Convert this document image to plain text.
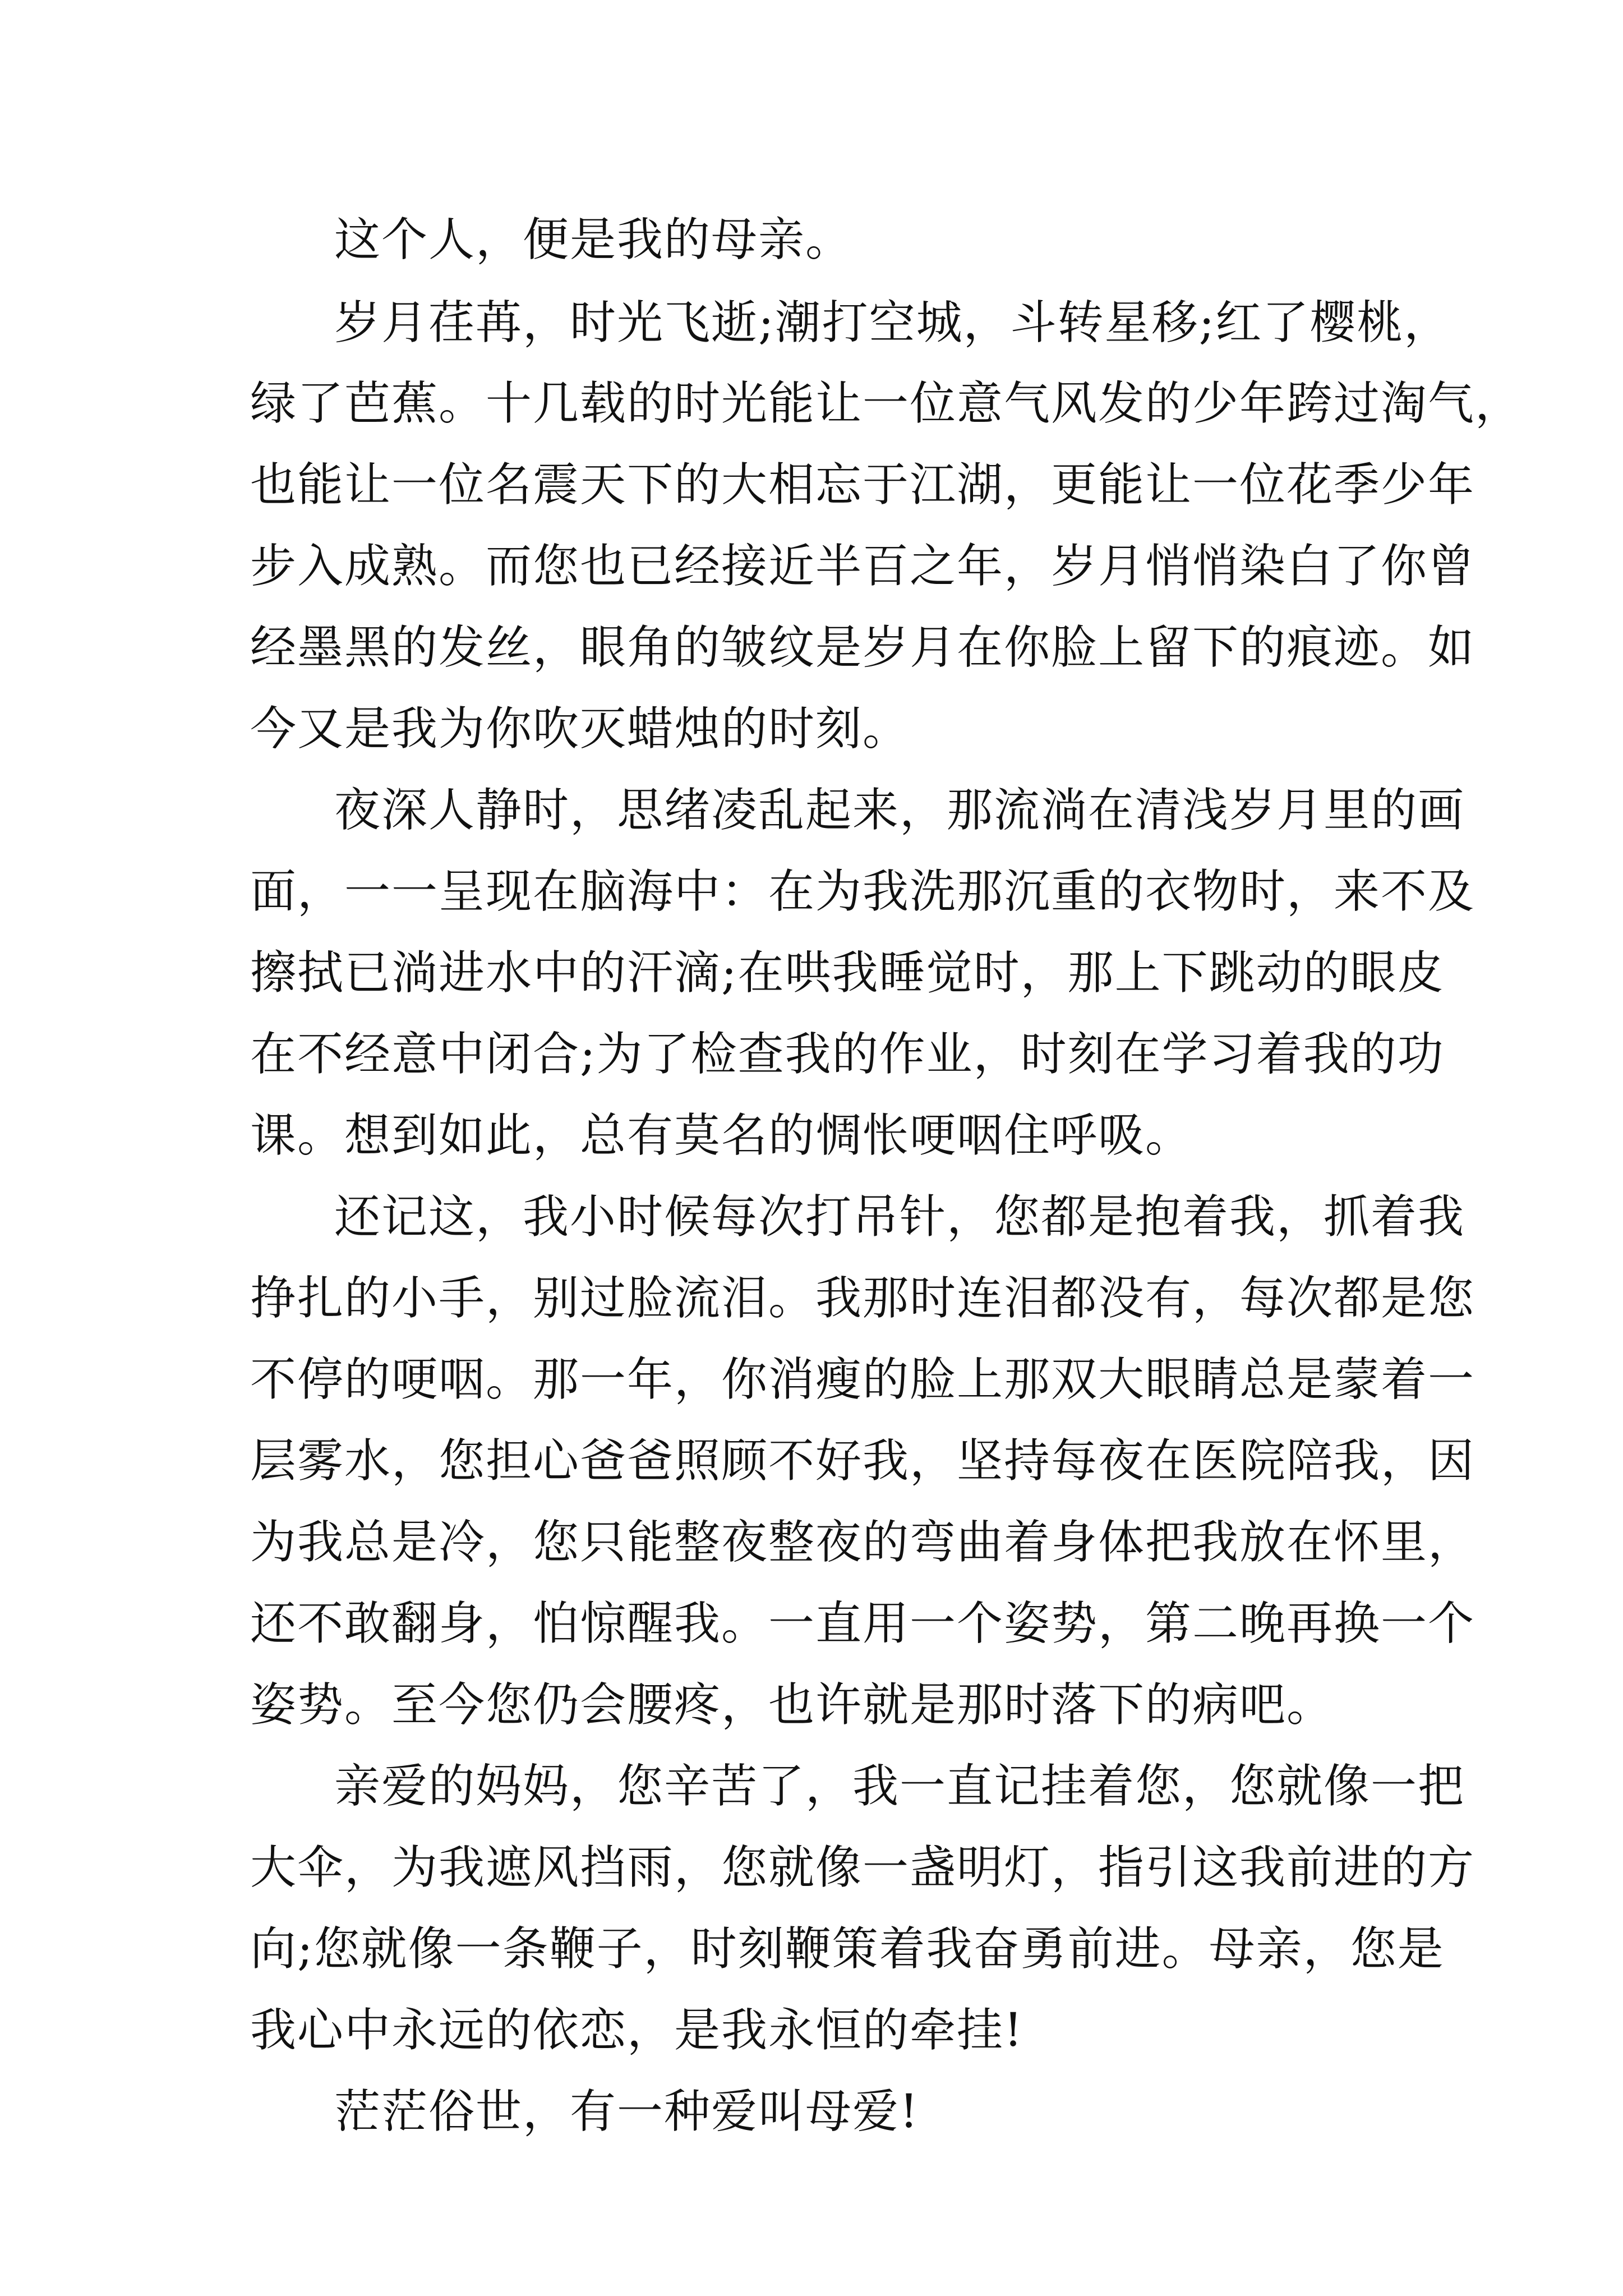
这个人，便是我的母亲。
岁月荏苒，时光飞逝;潮打空城，斗转星移;红了樱桃，
绿了芭蕉。十几载的时光能让一位意气风发的少年跨过淘气，
也能让一位名震天下的大相忘于江湖，更能让一位花季少年
步入成熟。而您也已经接近半百之年，岁月悄悄染白了你曾
经墨黑的发丝，眼角的皱纹是岁月在你脸上留下的痕迹。如
今又是我为你吹灭蜡烛的时刻。
夜深人静时，思绪凌乱起来，那流淌在清浅岁月里的画
面，一一呈现在脑海中：在为我洗那沉重的衣物时，来不及
擦拭已淌进水中的汗滴;在哄我睡觉时，那上下跳动的眼皮
在不经意中闭合;为了检查我的作业，时刻在学习着我的功
课。想到如此，总有莫名的惆怅哽咽住呼吸。
还记这，我小时候每次打吊针，您都是抱着我，抓着我
挣扎的小手，别过脸流泪。我那时连泪都没有，每次都是您
不停的哽咽。那一年，你消瘦的脸上那双大眼睛总是蒙着一
层雾水，您担心爸爸照顾不好我，坚持每夜在医院陪我，因
为我总是冷，您只能整夜整夜的弯曲着身体把我放在怀里，
还不敢翻身，怕惊醒我。一直用一个姿势，第二晚再换一个
姿势。至今您仍会腰疼，也许就是那时落下的病吧。
亲爱的妈妈，您辛苦了，我一直记挂着您，您就像一把
大伞，为我遮风挡雨，您就像一盏明灯，指引这我前进的方
向;您就像一条鞭子，时刻鞭策着我奋勇前进。母亲，您是
我心中永远的依恋，是我永恒的牵挂!
茫茫俗世，有一种爱叫母爱!
